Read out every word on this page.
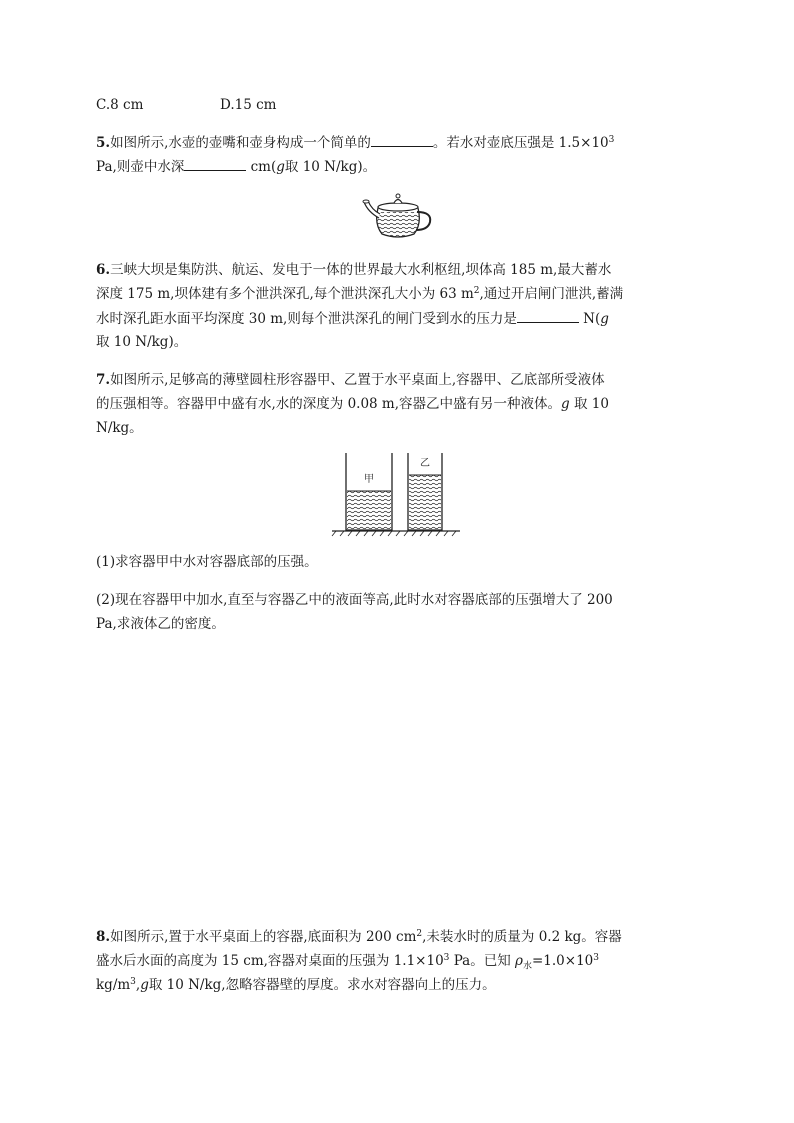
C.8 cm	D.15 cm
5.如图所示,水壶的壶嘴和壶身构成一个简单的	。若水对壶底压强是 $1.5\times 10^3$
Pa,则壶中水深	cm(g取 10 N/kg)。
6.三峡大坝是集防洪、航运、发电于一体的世界最大水利枢纽,坝体高 185 m,最大蓄水
深度 175 m,坝体建有多个泄洪深孔,每个泄洪深孔大小为 63 $m^2$,通过开启闸门泄洪,蓄满
水时深孔距水面平均深度 30 m,则每个泄洪深孔的闸门受到水的压力是	N(g
取 10 N/kg)。
7.如图所示,足够高的薄壁圆柱形容器甲、乙置于水平桌面上,容器甲、乙底部所受液体
的压强相等。容器甲中盛有水,水的深度为 0.08 m,容器乙中盛有另一种液体。g 取 10
N/kg。
甲
乙
(1)求容器甲中水对容器底部的压强。
(2)现在容器甲中加水,直至与容器乙中的液面等高,此时水对容器底部的压强增大了 200
Pa,求液体乙的密度。
8.如图所示,置于水平桌面上的容器,底面积为 200 $cm^2$,未装水时的质量为 0.2 kg。容器
盛水后水面的高度为 15 cm,容器对桌面的压强为 $1.1\times 10^3$ Pa。已知 $\rho_水=1.0\times 10^3$
$kg/m^3,g$取 10 N/kg,忽略容器壁的厚度。求水对容器向上的压力。
